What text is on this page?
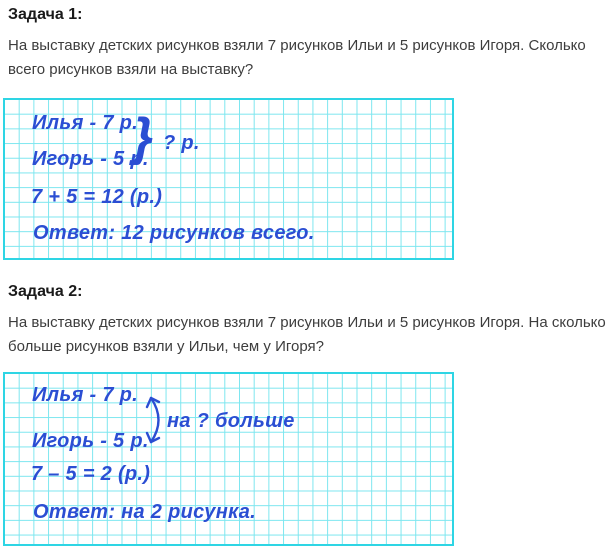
Задача 1:
На выставку детских рисунков взяли 7 рисунков Ильи и 5 рисунков Игоря. Сколько всего рисунков взяли на выставку?
Илья - 7 р.
Игорь - 5 р.
} ? р.
7 + 5 = 12 (р.)
Ответ: 12 рисунков всего.
Задача 2:
На выставку детских рисунков взяли 7 рисунков Ильи и 5 рисунков Игоря. На сколько больше рисунков взяли у Ильи, чем у Игоря?
Илья - 7 р.
на ? больше
Игорь - 5 р.
7 – 5 = 2 (р.)
Ответ: на 2 рисунка.
